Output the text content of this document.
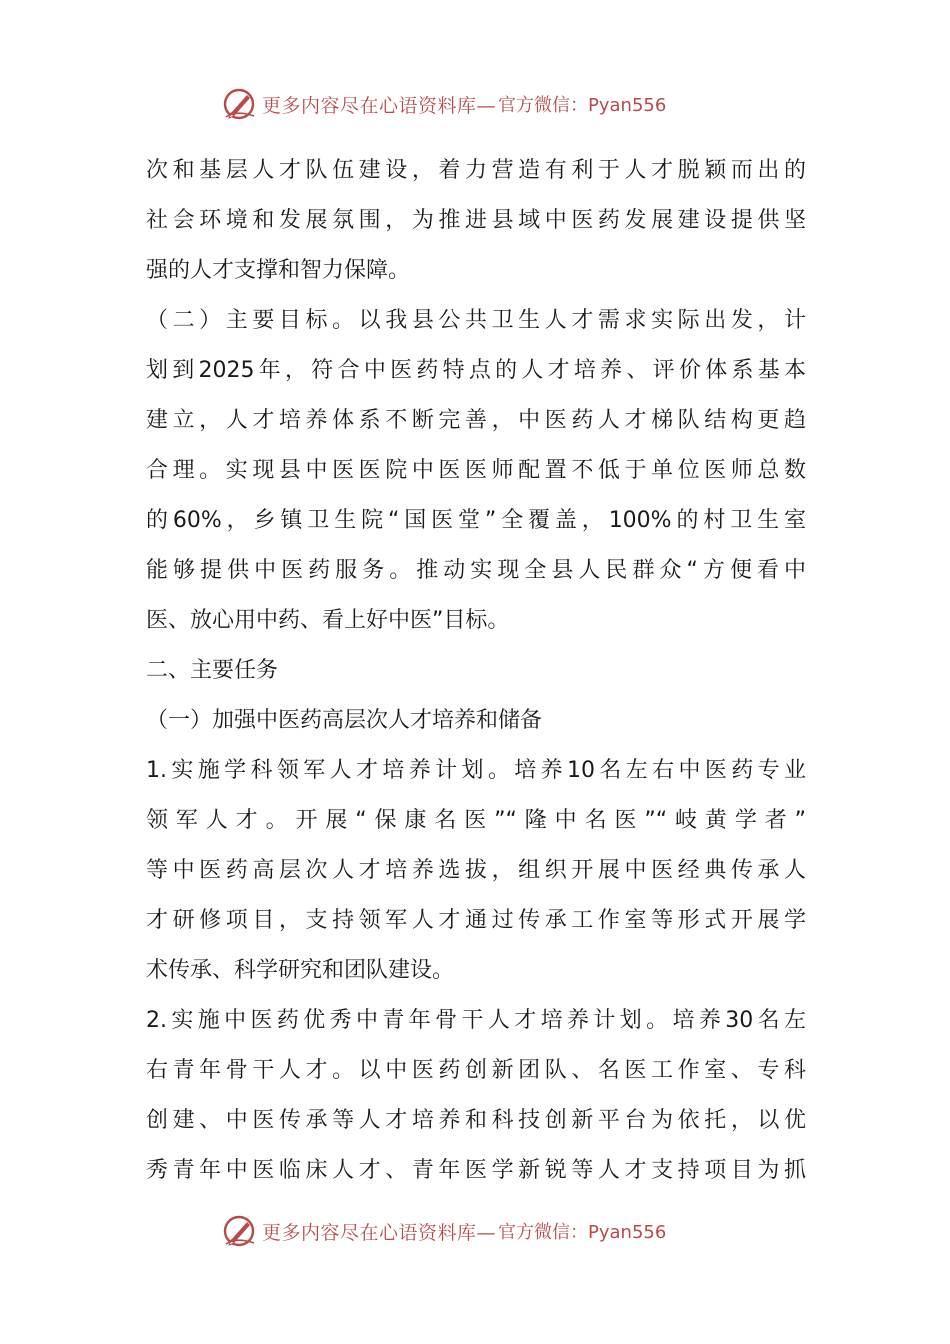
更多内容尽在心语资料库— 官方微信：Pyan556
次和基层人才队伍建设，着力营造有利于人才脱颖而出的
社会环境和发展氛围，为推进县域中医药发展建设提供坚
强的人才支撑和智力保障。
（二）主要目标。以我县公共卫生人才需求实际出发，计
划到2025年，符合中医药特点的人才培养、评价体系基本
建立，人才培养体系不断完善，中医药人才梯队结构更趋
合理。实现县中医医院中医医师配置不低于单位医师总数
的60%，乡镇卫生院“国医堂”全覆盖，100%的村卫生室
能够提供中医药服务。推动实现全县人民群众“方便看中
医、放心用中药、看上好中医”目标。
二、主要任务
（一）加强中医药高层次人才培养和储备
1.实施学科领军人才培养计划。培养10名左右中医药专业
领军人才。开展“保康名医”“隆中名医”“岐黄学者”
等中医药高层次人才培养选拔，组织开展中医经典传承人
才研修项目，支持领军人才通过传承工作室等形式开展学
术传承、科学研究和团队建设。
2.实施中医药优秀中青年骨干人才培养计划。培养30名左
右青年骨干人才。以中医药创新团队、名医工作室、专科
创建、中医传承等人才培养和科技创新平台为依托，以优
秀青年中医临床人才、青年医学新锐等人才支持项目为抓
更多内容尽在心语资料库— 官方微信：Pyan556
